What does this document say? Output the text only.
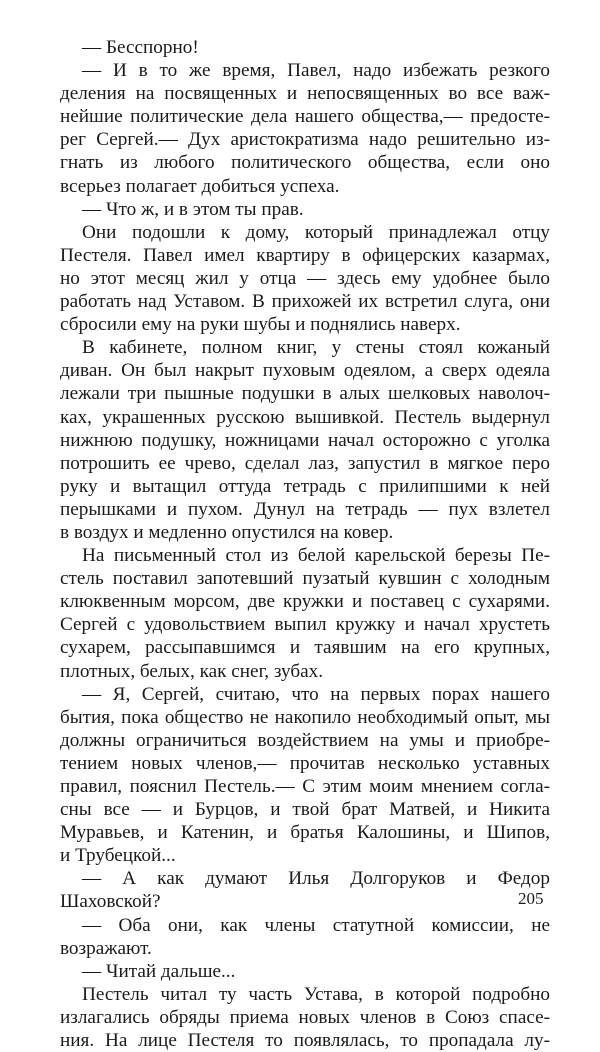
— Бесспорно!
— И в то же время, Павел, надо избежать резкого
деления на посвященных и непосвященных во все важ-
нейшие политические дела нашего общества,— предосте-
рег Сергей.— Дух аристократизма надо решительно из-
гнать из любого политического общества, если оно
всерьез полагает добиться успеха.
— Что ж, и в этом ты прав.
Они подошли к дому, который принадлежал отцу
Пестеля. Павел имел квартиру в офицерских казармах,
но этот месяц жил у отца — здесь ему удобнее было
работать над Уставом. В прихожей их встретил слуга, они
сбросили ему на руки шубы и поднялись наверх.
В кабинете, полном книг, у стены стоял кожаный
диван. Он был накрыт пуховым одеялом, а сверх одеяла
лежали три пышные подушки в алых шелковых наволоч-
ках, украшенных русскою вышивкой. Пестель выдернул
нижнюю подушку, ножницами начал осторожно с уголка
потрошить ее чрево, сделал лаз, запустил в мягкое перо
руку и вытащил оттуда тетрадь с прилипшими к ней
перышками и пухом. Дунул на тетрадь — пух взлетел
в воздух и медленно опустился на ковер.
На письменный стол из белой карельской березы Пе-
стель поставил запотевший пузатый кувшин с холодным
клюквенным морсом, две кружки и поставец с сухарями.
Сергей с удовольствием выпил кружку и начал хрустеть
сухарем, рассыпавшимся и таявшим на его крупных,
плотных, белых, как снег, зубах.
— Я, Сергей, считаю, что на первых порах нашего
бытия, пока общество не накопило необходимый опыт, мы
должны ограничиться воздействием на умы и приобре-
тением новых членов,— прочитав несколько уставных
правил, пояснил Пестель.— С этим моим мнением согла-
сны все — и Бурцов, и твой брат Матвей, и Никита
Муравьев, и Катенин, и братья Калошины, и Шипов,
и Трубецкой...
— А как думают Илья Долгоруков и Федор
Шаховской?
— Оба они, как члены статутной комиссии, не
возражают.
— Читай дальше...
Пестель читал ту часть Устава, в которой подробно
излагались обряды приема новых членов в Союз спасе-
ния. На лице Пестеля то появлялась, то пропадала лу-
205
